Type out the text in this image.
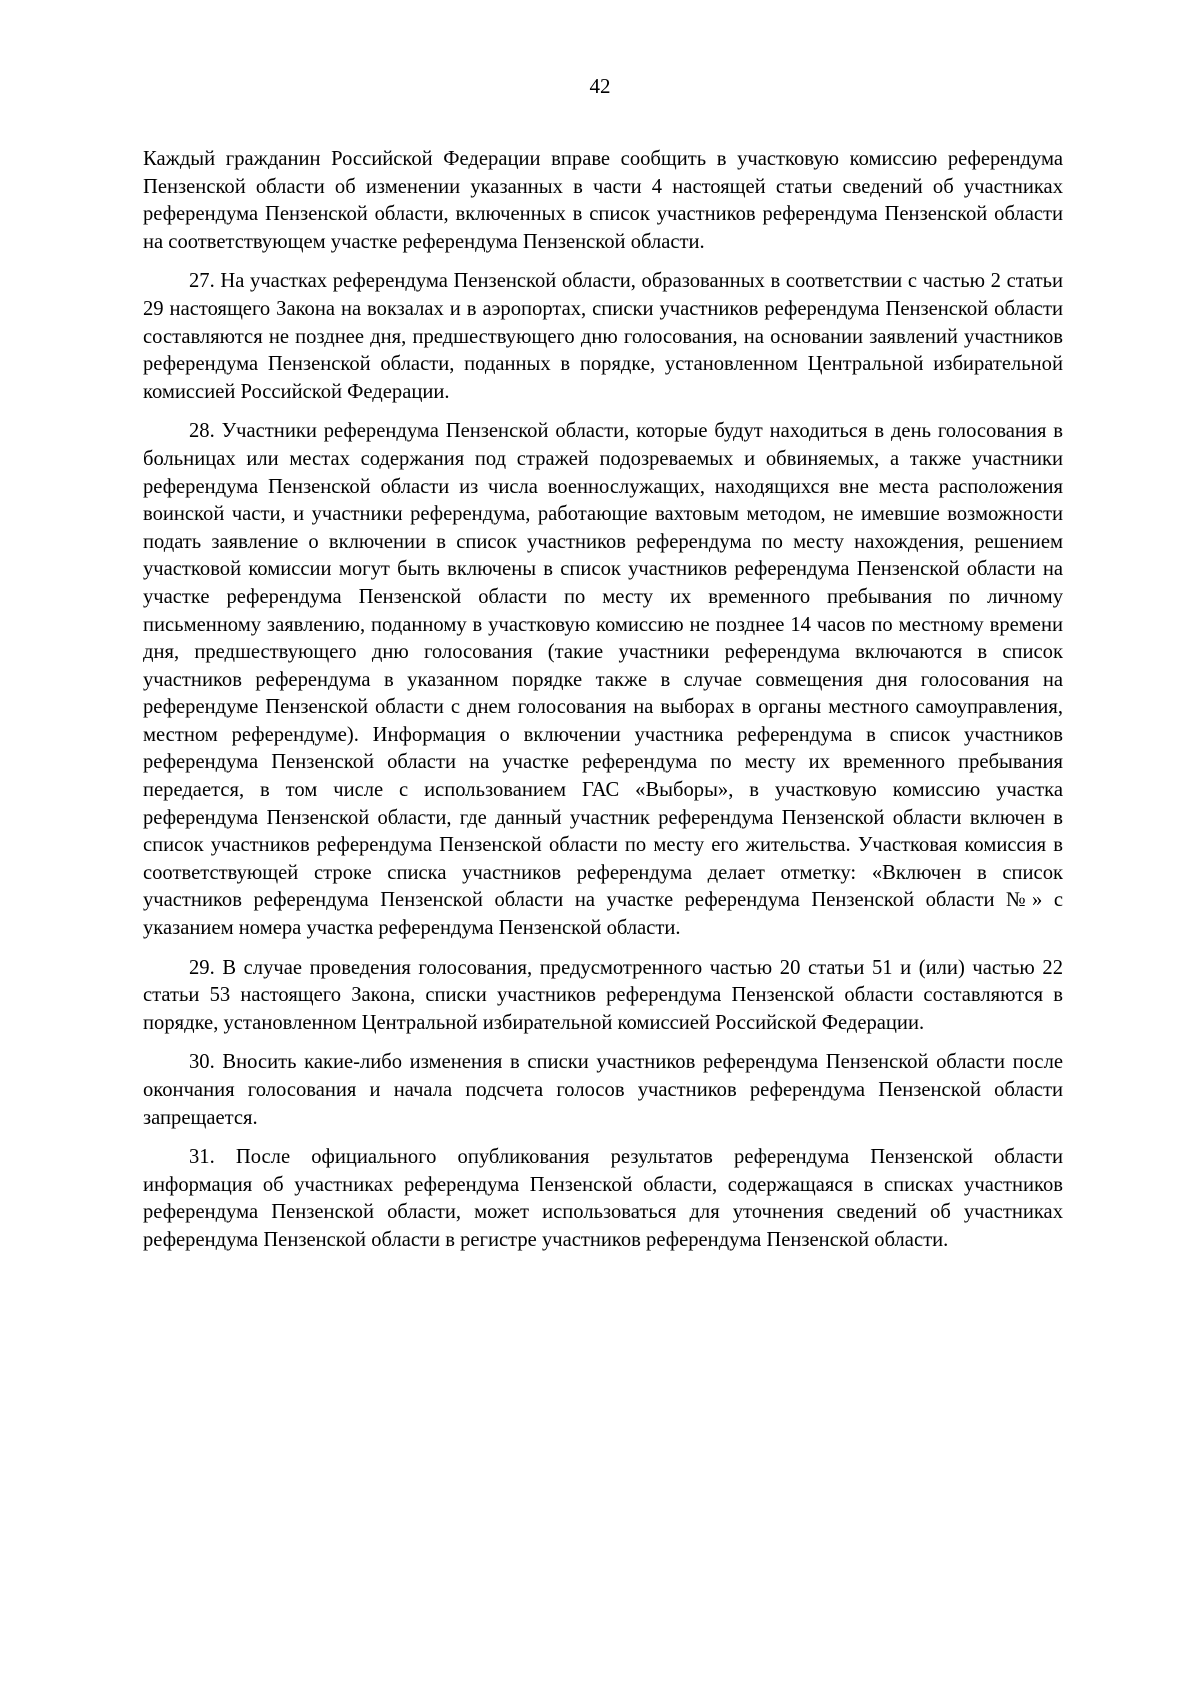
42

Каждый гражданин Российской Федерации вправе сообщить в участковую комиссию референдума Пензенской области об изменении указанных в части 4 настоящей статьи сведений об участниках референдума Пензенской области, включенных в список участников референдума Пензенской области на соответствующем участке референдума Пензенской области.

27. На участках референдума Пензенской области, образованных в соответствии с частью 2 статьи 29 настоящего Закона на вокзалах и в аэропортах, списки участников референдума Пензенской области составляются не позднее дня, предшествующего дню голосования, на основании заявлений участников референдума Пензенской области, поданных в порядке, установленном Центральной избирательной комиссией Российской Федерации.

28. Участники референдума Пензенской области, которые будут находиться в день голосования в больницах или местах содержания под стражей подозреваемых и обвиняемых, а также участники референдума Пензенской области из числа военнослужащих, находящихся вне места расположения воинской части, и участники референдума, работающие вахтовым методом, не имевшие возможности подать заявление о включении в список участников референдума по месту нахождения, решением участковой комиссии могут быть включены в список участников референдума Пензенской области на участке референдума Пензенской области по месту их временного пребывания по личному письменному заявлению, поданному в участковую комиссию не позднее 14 часов по местному времени дня, предшествующего дню голосования (такие участники референдума включаются в список участников референдума в указанном порядке также в случае совмещения дня голосования на референдуме Пензенской области с днем голосования на выборах в органы местного самоуправления, местном референдуме). Информация о включении участника референдума в список участников референдума Пензенской области на участке референдума по месту их временного пребывания передается, в том числе с использованием ГАС «Выборы», в участковую комиссию участка референдума Пензенской области, где данный участник референдума Пензенской области включен в список участников референдума Пензенской области по месту его жительства. Участковая комиссия в соответствующей строке списка участников референдума делает отметку: «Включен в список участников референдума Пензенской области на участке референдума Пензенской области №» с указанием номера участка референдума Пензенской области.

29. В случае проведения голосования, предусмотренного частью 20 статьи 51 и (или) частью 22 статьи 53 настоящего Закона, списки участников референдума Пензенской области составляются в порядке, установленном Центральной избирательной комиссией Российской Федерации.

30. Вносить какие-либо изменения в списки участников референдума Пензенской области после окончания голосования и начала подсчета голосов участников референдума Пензенской области запрещается.

31. После официального опубликования результатов референдума Пензенской области информация об участниках референдума Пензенской области, содержащаяся в списках участников референдума Пензенской области, может использоваться для уточнения сведений об участниках референдума Пензенской области в регистре участников референдума Пензенской области.
